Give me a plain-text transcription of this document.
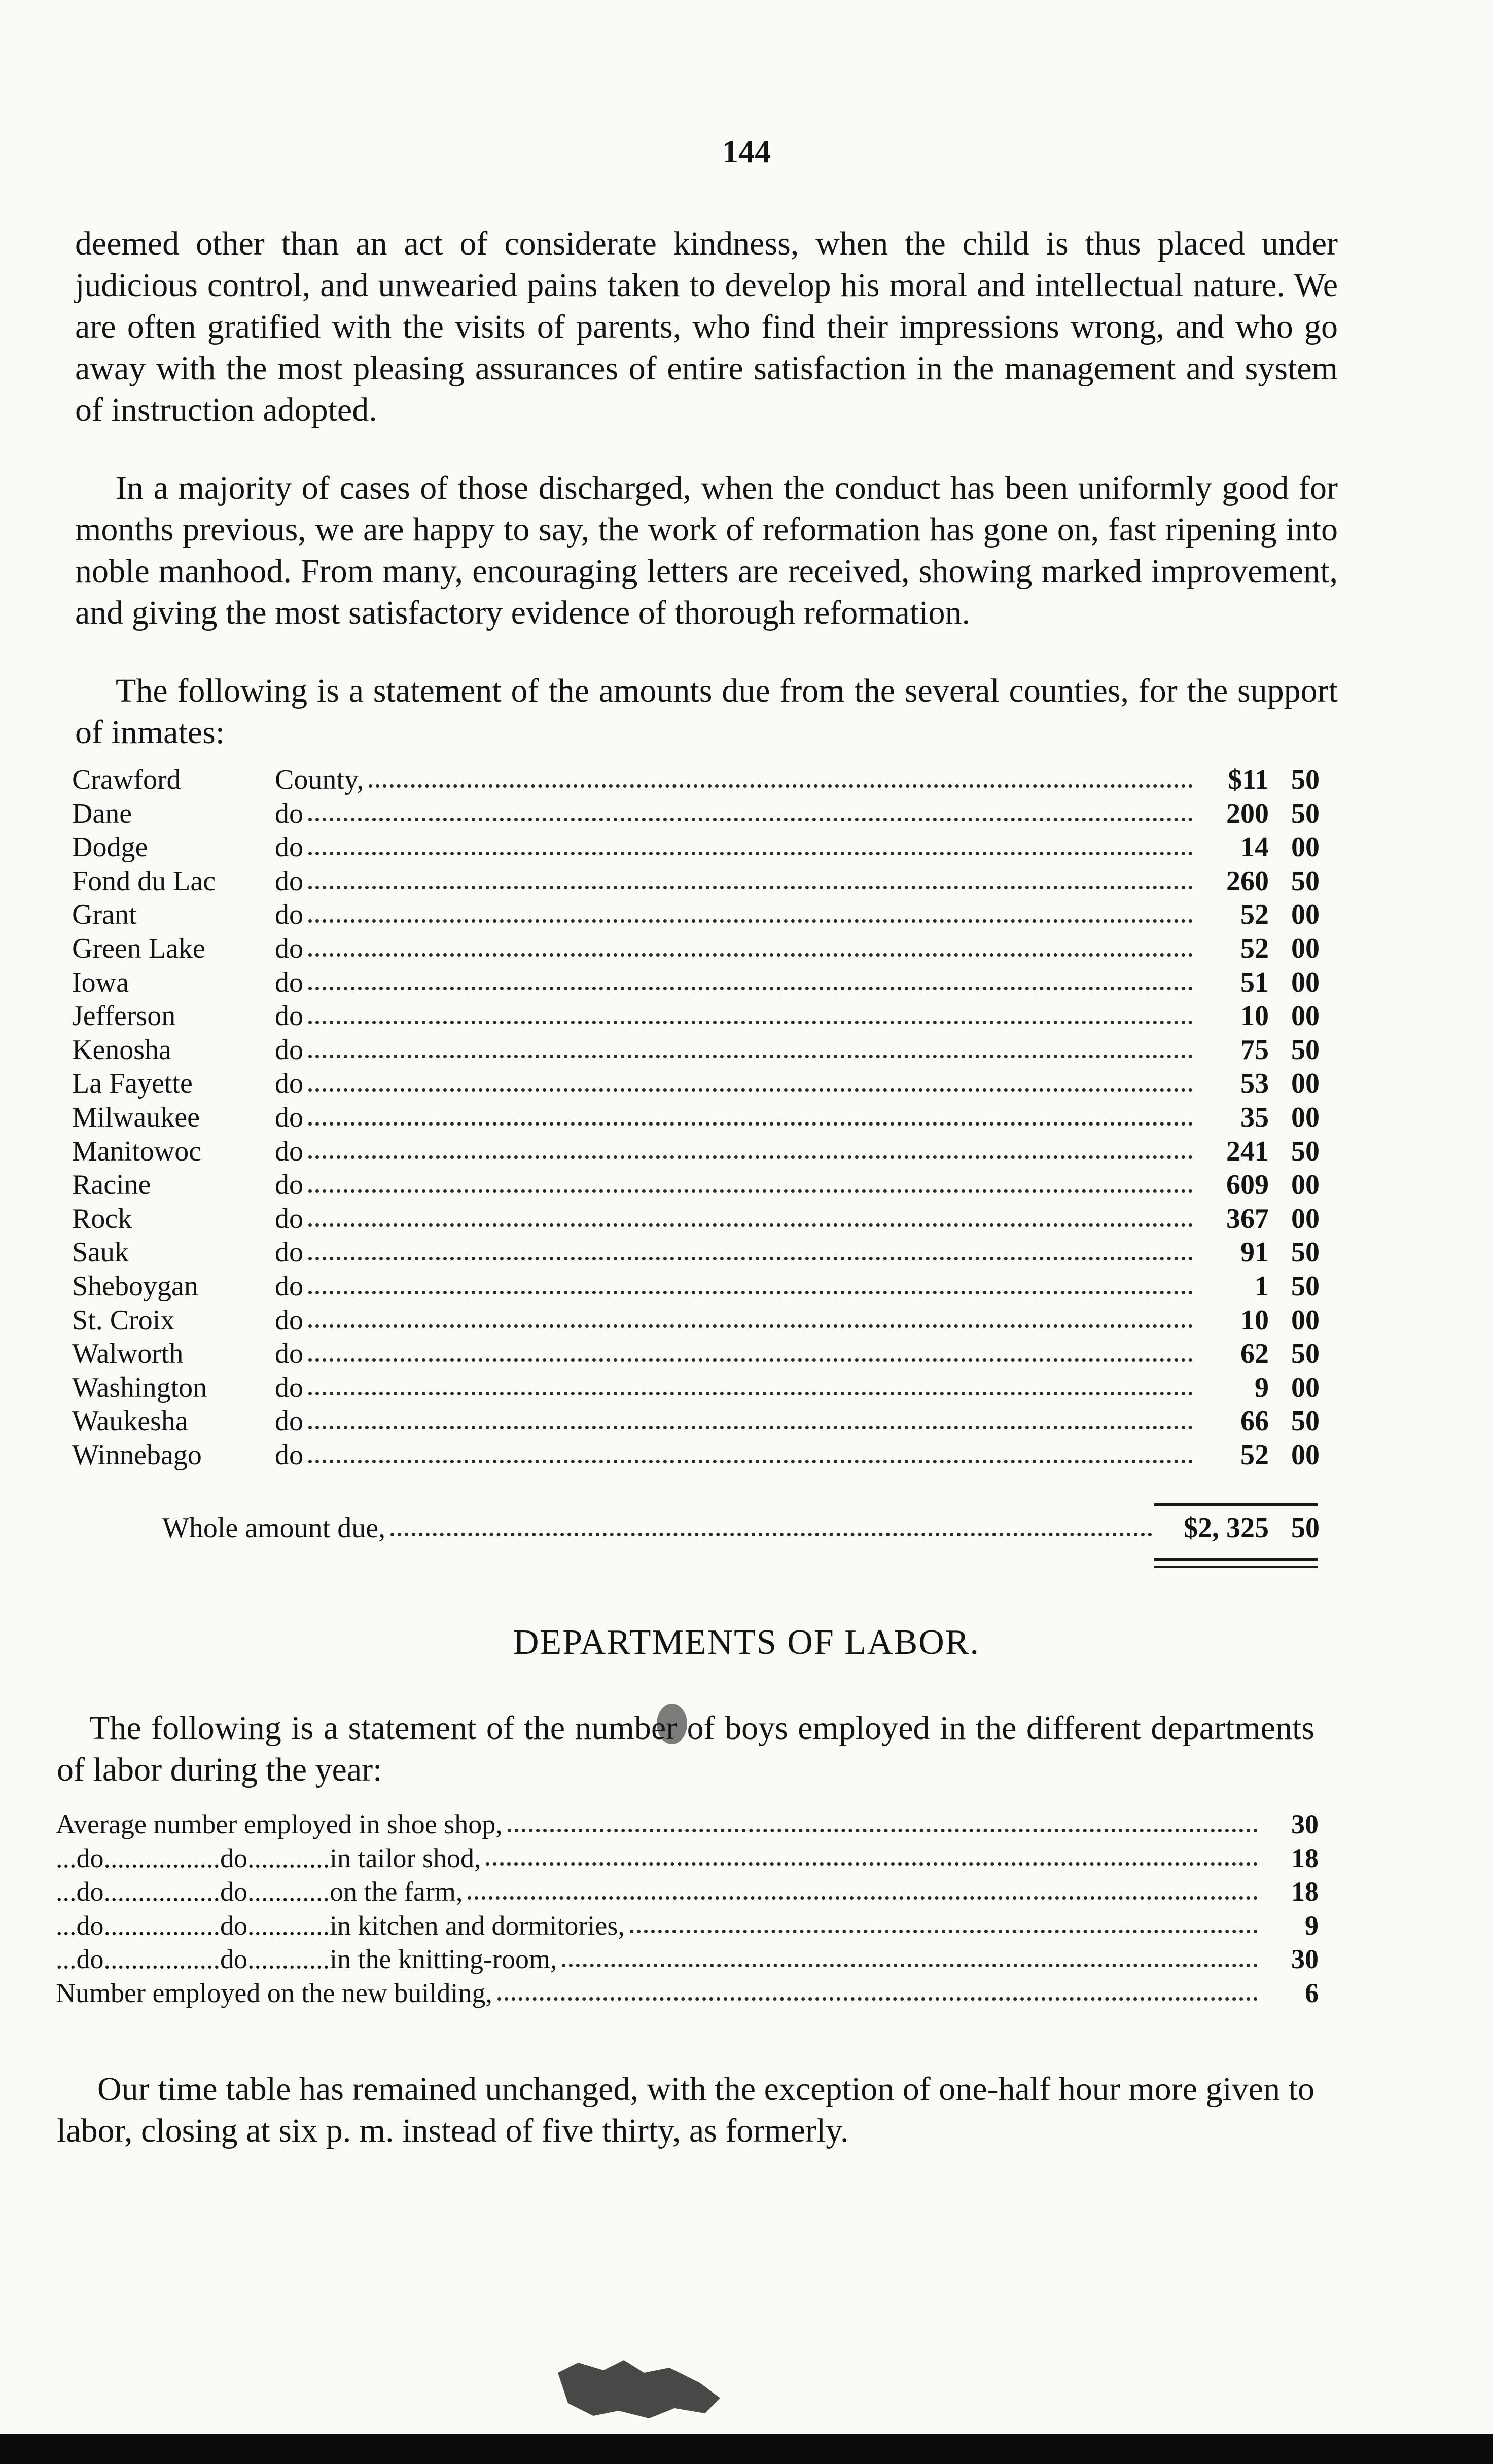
144

deemed other than an act of considerate kindness, when the child is thus placed under judicious control, and unwearied pains taken to develop his moral and intellectual nature. We are often gratified with the visits of parents, who find their impressions wrong, and who go away with the most pleasing assurances of entire satisfaction in the management and system of instruction adopted.

In a majority of cases of those discharged, when the conduct has been uniformly good for months previous, we are happy to say, the work of reformation has gone on, fast ripening into noble manhood. From many, encouraging letters are received, showing marked improvement, and giving the most satisfactory evidence of thorough reformation.

The following is a statement of the amounts due from the several counties, for the support of inmates:

Crawford	County,	$11 50
Dane	do	200 50
Dodge	do	14 00
Fond du Lac	do	260 50
Grant	do	52 00
Green Lake	do	52 00
Iowa	do	51 00
Jefferson	do	10 00
Kenosha	do	75 50
La Fayette	do	53 00
Milwaukee	do	35 00
Manitowoc	do	241 50
Racine	do	609 00
Rock	do	367 00
Sauk	do	91 50
Sheboygan	do	1 50
St. Croix	do	10 00
Walworth	do	62 50
Washington	do	9 00
Waukesha	do	66 50
Winnebago	do	52 00
Whole amount due,	$2, 325 50
DEPARTMENTS OF LABOR.

The following is a statement of the number of boys employed in the different departments of labor during the year:

Average number employed in shoe shop,	30
...do.................do............in tailor shod,	18
...do.................do............on the farm,	18
...do.................do............in kitchen and dormitories,	9
...do.................do............in the knitting-room,	30
Number employed on the new building,	6

Our time table has remained unchanged, with the exception of one-half hour more given to labor, closing at six p. m. instead of five thirty, as formerly.
